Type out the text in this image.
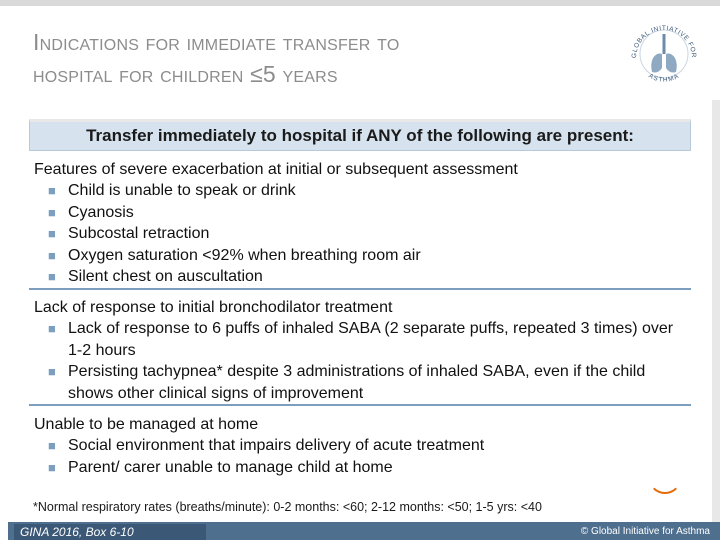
Indications for immediate transfer to
hospital for children ≤5 years
GLOBAL INITIATIVE FOR
ASTHMA
Transfer immediately to hospital if ANY of the following are present:
Features of severe exacerbation at initial or subsequent assessment
■ Child is unable to speak or drink
■ Cyanosis
■ Subcostal retraction
■ Oxygen saturation <92% when breathing room air
■ Silent chest on auscultation
Lack of response to initial bronchodilator treatment
■ Lack of response to 6 puffs of inhaled SABA (2 separate puffs, repeated 3 times) over 1-2 hours
■ Persisting tachypnea* despite 3 administrations of inhaled SABA, even if the child shows other clinical signs of improvement
Unable to be managed at home
■ Social environment that impairs delivery of acute treatment
■ Parent/ carer unable to manage child at home
*Normal respiratory rates (breaths/minute): 0-2 months: <60; 2-12 months: <50; 1-5 yrs: <40
GINA 2016, Box 6-10	© Global Initiative for Asthma
